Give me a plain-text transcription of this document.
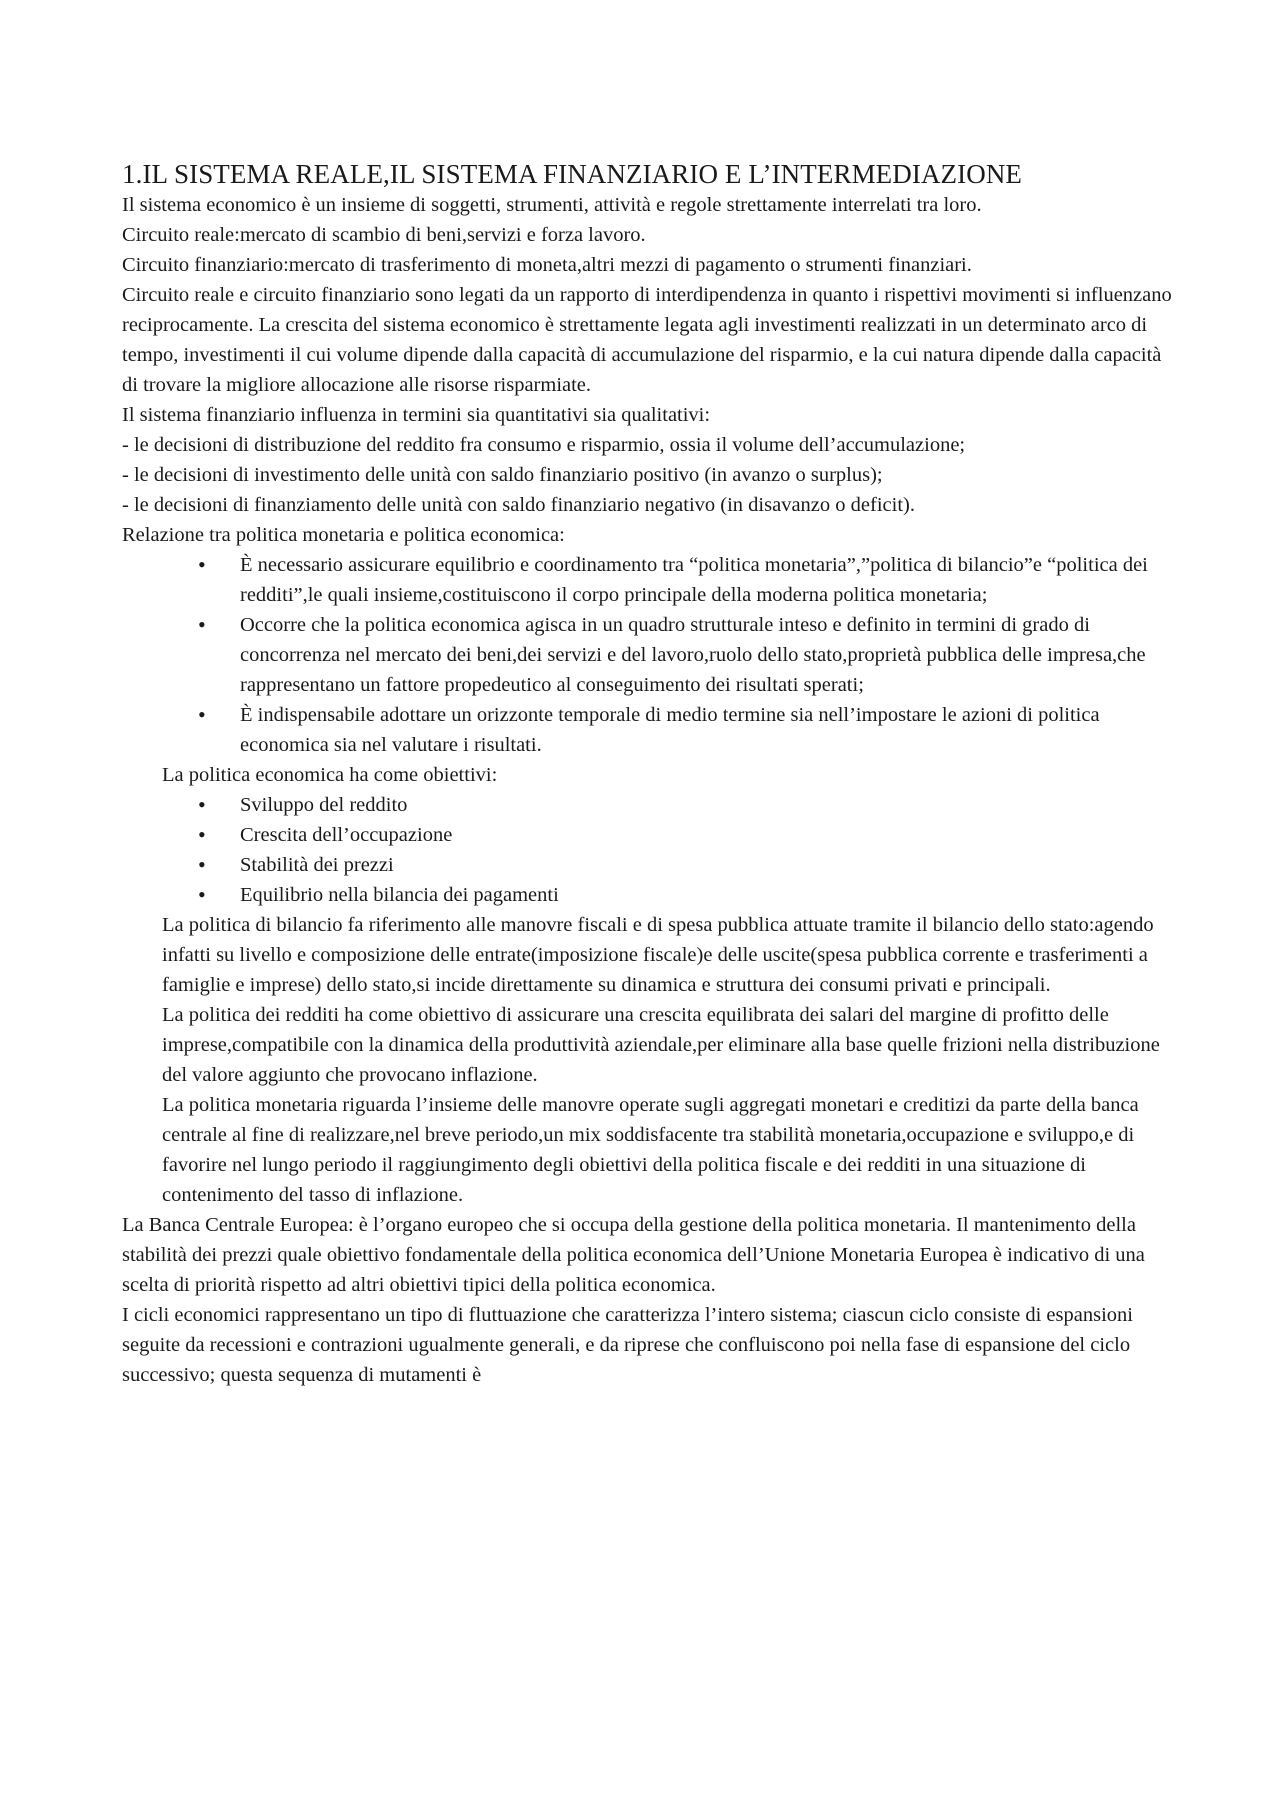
1.IL SISTEMA REALE,IL SISTEMA FINANZIARIO E L’INTERMEDIAZIONE

Il sistema economico è un insieme di soggetti, strumenti, attività e regole strettamente interrelati tra loro.

Circuito reale:mercato di scambio di beni,servizi e forza lavoro.

Circuito finanziario:mercato di trasferimento di moneta,altri mezzi di pagamento o strumenti finanziari.

Circuito reale e circuito finanziario sono legati da un rapporto di interdipendenza in quanto i rispettivi movimenti si influenzano reciprocamente. La crescita del sistema economico è strettamente legata agli investimenti realizzati in un determinato arco di tempo, investimenti il cui volume dipende dalla capacità di accumulazione del risparmio, e la cui natura dipende dalla capacità di trovare la migliore allocazione alle risorse risparmiate.

Il sistema finanziario influenza in termini sia quantitativi sia qualitativi:

- le decisioni di distribuzione del reddito fra consumo e risparmio, ossia il volume dell’accumulazione;

- le decisioni di investimento delle unità con saldo finanziario positivo (in avanzo o surplus);

- le decisioni di finanziamento delle unità con saldo finanziario negativo (in disavanzo o deficit).

Relazione tra politica monetaria e politica economica:

• È necessario assicurare equilibrio e coordinamento tra “politica monetaria”,”politica di bilancio”e “politica dei redditi”,le quali insieme,costituiscono il corpo principale della moderna politica monetaria;
• Occorre che la politica economica agisca in un quadro strutturale inteso e definito in termini di grado di concorrenza nel mercato dei beni,dei servizi e del lavoro,ruolo dello stato,proprietà pubblica delle impresa,che rappresentano un fattore propedeutico al conseguimento dei risultati sperati;
• È indispensabile adottare un orizzonte temporale di medio termine sia nell’impostare le azioni di politica economica sia nel valutare i risultati.

La politica economica ha come obiettivi:

• Sviluppo del reddito
• Crescita dell’occupazione
• Stabilità dei prezzi
• Equilibrio nella bilancia dei pagamenti

La politica di bilancio fa riferimento alle manovre fiscali e di spesa pubblica attuate tramite il bilancio dello stato:agendo infatti su livello e composizione delle entrate(imposizione fiscale)e delle uscite(spesa pubblica corrente e trasferimenti a famiglie e imprese) dello stato,si incide direttamente su dinamica e struttura dei consumi privati e principali.

La politica dei redditi ha come obiettivo di assicurare una crescita equilibrata dei salari del margine di profitto delle imprese,compatibile con la dinamica della produttività aziendale,per eliminare alla base quelle frizioni nella distribuzione del valore aggiunto che provocano inflazione.

La politica monetaria riguarda l’insieme delle manovre operate sugli aggregati monetari e creditizi da parte della banca centrale al fine di realizzare,nel breve periodo,un mix soddisfacente tra stabilità monetaria,occupazione e sviluppo,e di favorire nel lungo periodo il raggiungimento degli obiettivi della politica fiscale e dei redditi in una situazione di contenimento del tasso di inflazione.

La Banca Centrale Europea: è l’organo europeo che si occupa della gestione della politica monetaria. Il mantenimento della stabilità dei prezzi quale obiettivo fondamentale della politica economica dell’Unione Monetaria Europea è indicativo di una scelta di priorità rispetto ad altri obiettivi tipici della politica economica.

I cicli economici rappresentano un tipo di fluttuazione che caratterizza l’intero sistema; ciascun ciclo consiste di espansioni seguite da recessioni e contrazioni ugualmente generali, e da riprese che confluiscono poi nella fase di espansione del ciclo successivo; questa sequenza di mutamenti è
